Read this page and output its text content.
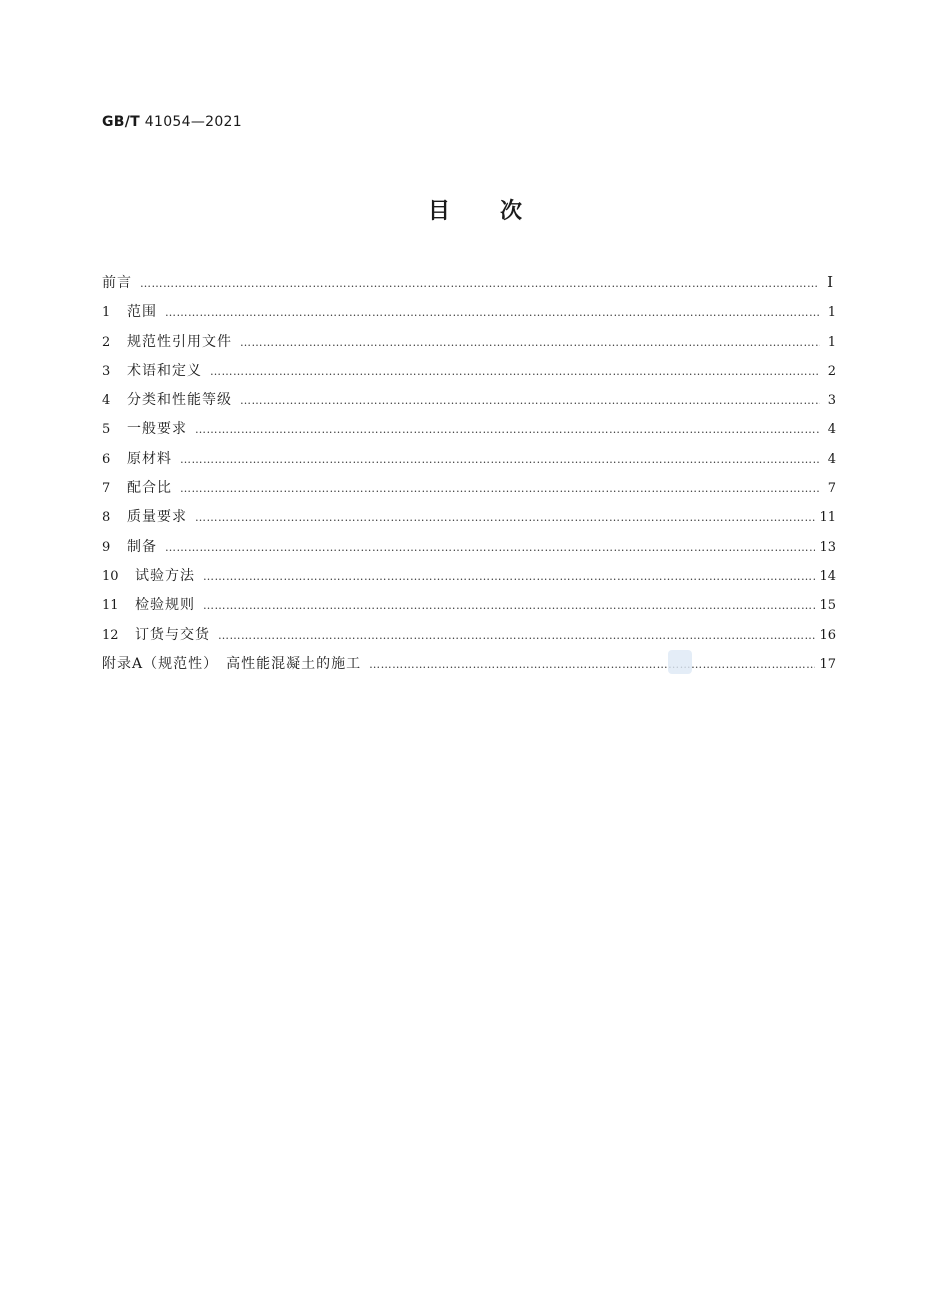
GB/T 41054—2021
目次
前言 …………………………………………………………………………………………………………………………………………………………………………………………………………………………	Ⅰ
1	范围 …………………………………………………………………………………………………………………………………………………………………………………………………………………………	1
2	规范性引用文件 …………………………………………………………………………………………………………………………………………………………………………………………………………………………	1
3	术语和定义 …………………………………………………………………………………………………………………………………………………………………………………………………………………………	2
4	分类和性能等级 …………………………………………………………………………………………………………………………………………………………………………………………………………………………	3
5	一般要求 …………………………………………………………………………………………………………………………………………………………………………………………………………………………	4
6	原材料 …………………………………………………………………………………………………………………………………………………………………………………………………………………………	4
7	配合比 …………………………………………………………………………………………………………………………………………………………………………………………………………………………	7
8	质量要求 …………………………………………………………………………………………………………………………………………………………………………………………………………………………	11
9	制备 …………………………………………………………………………………………………………………………………………………………………………………………………………………………	13
10	试验方法 …………………………………………………………………………………………………………………………………………………………………………………………………………………………	14
11	检验规则 …………………………………………………………………………………………………………………………………………………………………………………………………………………………	15
12	订货与交货 …………………………………………………………………………………………………………………………………………………………………………………………………………………………	16
附录A（规范性）　高性能混凝土的施工 …………………………………………………………………………………………………………………………………………………………………………………………………………………………	17
